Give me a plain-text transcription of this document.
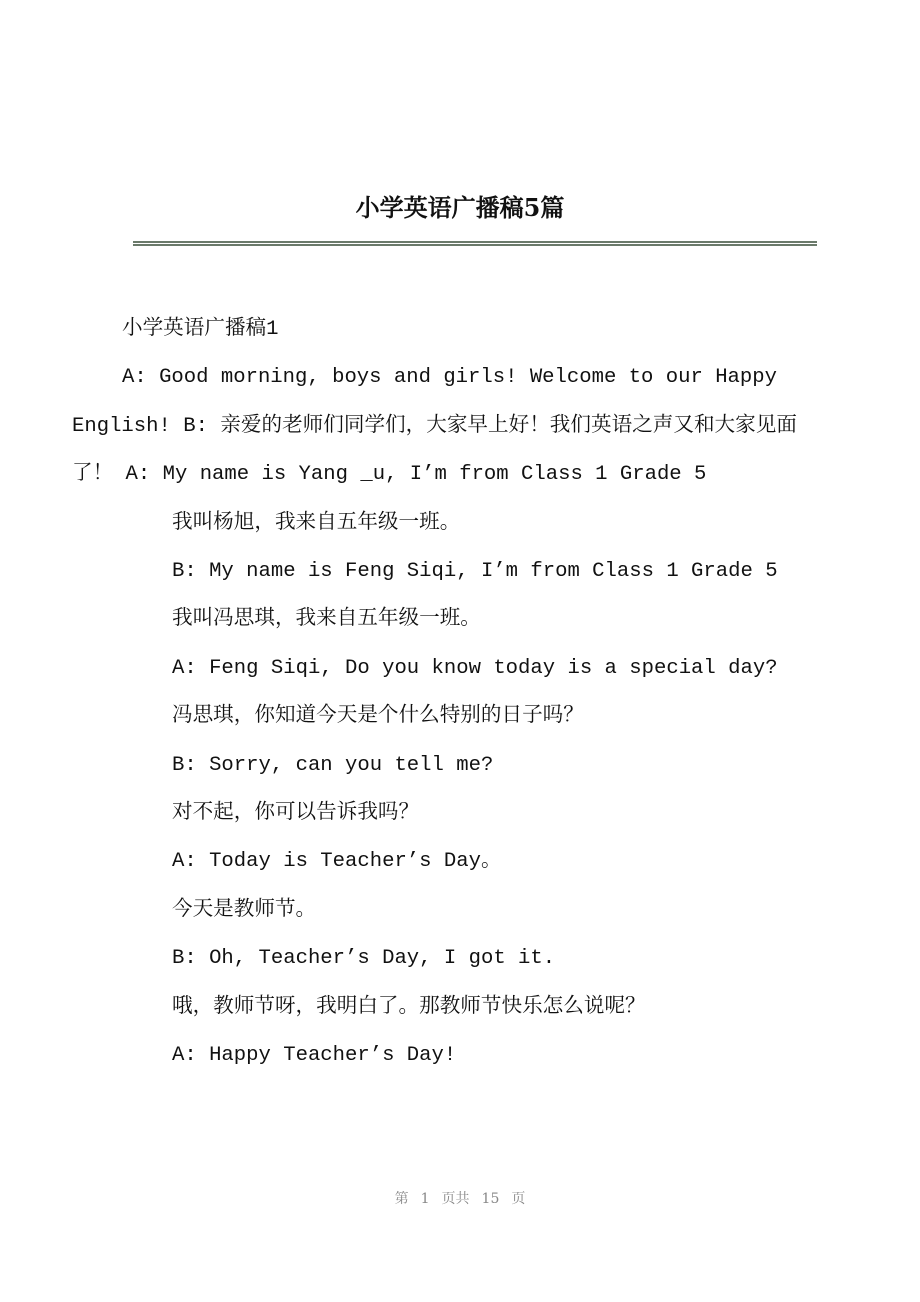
小学英语广播稿5篇

小学英语广播稿1

A: Good morning, boys and girls! Welcome to our Happy English! B: 亲爱的老师们同学们，大家早上好！我们英语之声又和大家见面了！ A: My name is Yang _u, I’m from Class 1 Grade 5

我叫杨旭，我来自五年级一班。

B: My name is Feng Siqi, I’m from Class 1 Grade 5

我叫冯思琪，我来自五年级一班。

A: Feng Siqi, Do you know today is a special day?

冯思琪，你知道今天是个什么特别的日子吗？

B: Sorry, can you tell me?

对不起，你可以告诉我吗？

A: Today is Teacher’s Day。

今天是教师节。

B: Oh, Teacher’s Day, I got it.

哦，教师节呀，我明白了。那教师节快乐怎么说呢？

A: Happy Teacher’s Day!

第 1 页共 15 页
